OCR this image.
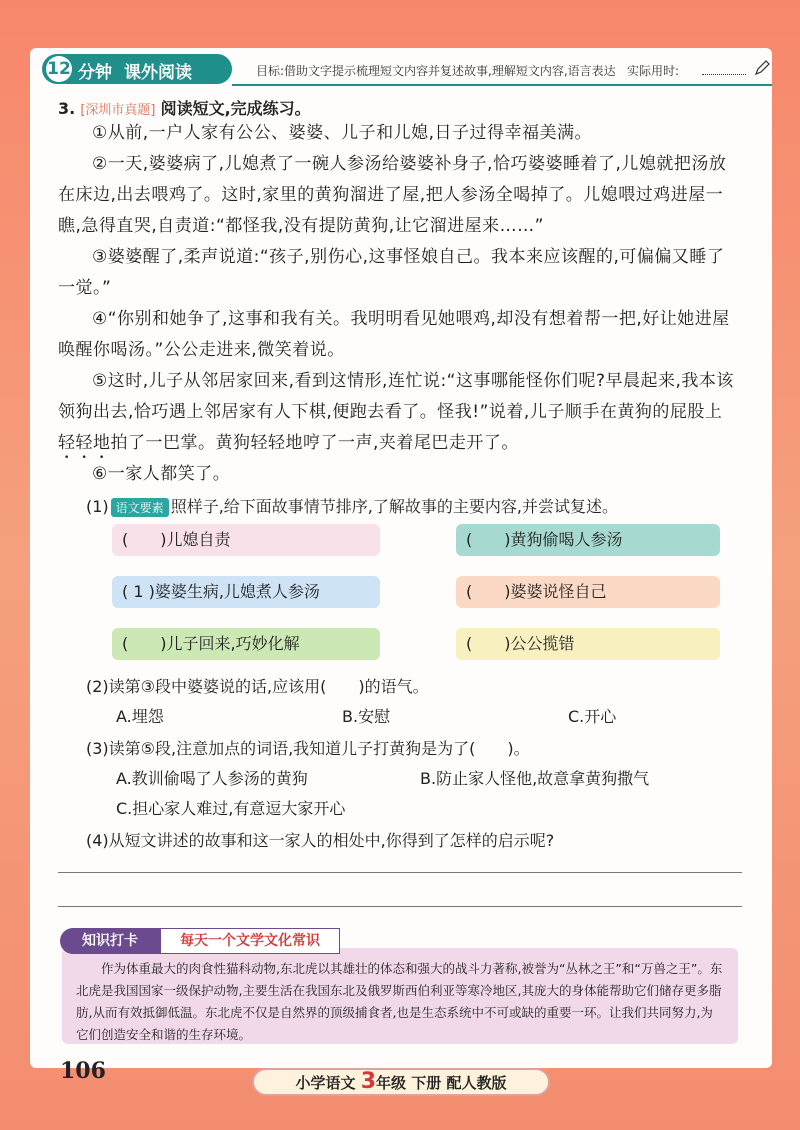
12 分钟 课外阅读	目标:借助文字提示梳理短文内容并复述故事,理解短文内容,语言表达 实际用时:
3. [深圳市真题] 阅读短文,完成练习。
①从前,一户人家有公公、婆婆、儿子和儿媳,日子过得幸福美满。
②一天,婆婆病了,儿媳煮了一碗人参汤给婆婆补身子,恰巧婆婆睡着了,儿媳就把汤放在床边,出去喂鸡了。这时,家里的黄狗溜进了屋,把人参汤全喝掉了。儿媳喂过鸡进屋一瞧,急得直哭,自责道:“都怪我,没有提防黄狗,让它溜进屋来……”
③婆婆醒了,柔声说道:“孩子,别伤心,这事怪娘自己。我本来应该醒的,可偏偏又睡了一觉。”
④“你别和她争了,这事和我有关。我明明看见她喂鸡,却没有想着帮一把,好让她进屋唤醒你喝汤。”公公走进来,微笑着说。
⑤这时,儿子从邻居家回来,看到这情形,连忙说:“这事哪能怪你们呢?早晨起来,我本该领狗出去,恰巧遇上邻居家有人下棋,便跑去看了。怪我!”说着,儿子顺手在黄狗的屁股上轻轻地拍了一巴掌。黄狗轻轻地哼了一声,夹着尾巴走开了。
⑥一家人都笑了。
(1) 语文要素 照样子,给下面故事情节排序,了解故事的主要内容,并尝试复述。
(　　)儿媳自责	(　　)黄狗偷喝人参汤
( 1 )婆婆生病,儿媳煮人参汤	(　　)婆婆说怪自己
(　　)儿子回来,巧妙化解	(　　)公公揽错
(2)读第③段中婆婆说的话,应该用(　　)的语气。
A.埋怨	B.安慰	C.开心
(3)读第⑤段,注意加点的词语,我知道儿子打黄狗是为了(　　)。
A.教训偷喝了人参汤的黄狗	B.防止家人怪他,故意拿黄狗撒气
C.担心家人难过,有意逗大家开心
(4)从短文讲述的故事和这一家人的相处中,你得到了怎样的启示呢?
作为体重最大的肉食性猫科动物,东北虎以其雄壮的体态和强大的战斗力著称,被誉为“丛林之王”和“万兽之王”。东北虎是我国国家一级保护动物,主要生活在我国东北及俄罗斯西伯利亚等寒冷地区,其庞大的身体能帮助它们储存更多脂肪,从而有效抵御低温。东北虎不仅是自然界的顶级捕食者,也是生态系统中不可或缺的重要一环。让我们共同努力,为它们创造安全和谐的生存环境。
知识打卡	每天一个文学文化常识
106	小学语文 3年级 下册 配人教版
